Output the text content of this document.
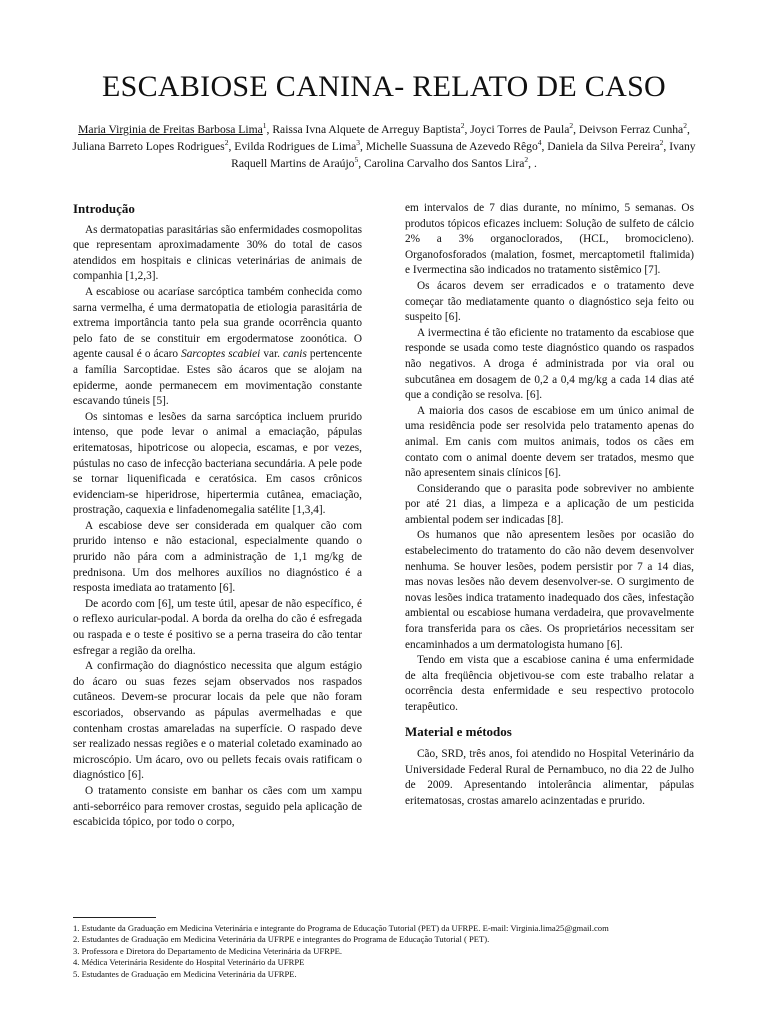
ESCABIOSE CANINA- RELATO DE CASO
Maria Virginia de Freitas Barbosa Lima$^1$, Raissa Ivna Alquete de Arreguy Baptista$^2$, Joyci Torres de Paula$^2$, Deivson Ferraz Cunha$^2$, Juliana Barreto Lopes Rodrigues$^2$, Evilda Rodrigues de Lima$^3$, Michelle Suassuna de Azevedo Rêgo$^4$, Daniela da Silva Pereira$^2$, Ivany Raquell Martins de Araújo$^5$, Carolina Carvalho dos Santos Lira$^2$, .
Introdução

As dermatopatias parasitárias são enfermidades cosmopolitas que representam aproximadamente 30% do total de casos atendidos em hospitais e clinicas veterinárias de animais de companhia [1,2,3].

A escabiose ou acaríase sarcóptica também conhecida como sarna vermelha, é uma dermatopatia de etiologia parasitária de extrema importância tanto pela sua grande ocorrência quanto pelo fato de se constituir em ergodermatose zoonótica. O agente causal é o ácaro Sarcoptes scabiei var. canis pertencente a família Sarcoptidae. Estes são ácaros que se alojam na epiderme, aonde permanecem em movimentação constante escavando túneis [5].

Os sintomas e lesões da sarna sarcóptica incluem prurido intenso, que pode levar o animal a emaciação, pápulas eritematosas, hipotricose ou alopecia, escamas, e por vezes, pústulas no caso de infecção bacteriana secundária. A pele pode se tornar liquenificada e ceratósica. Em casos crônicos evidenciam-se hiperidrose, hipertermia cutânea, emaciação, prostração, caquexia e linfadenomegalia satélite [1,3,4].

A escabiose deve ser considerada em qualquer cão com prurido intenso e não estacional, especialmente quando o prurido não pára com a administração de 1,1 mg/kg de prednisona. Um dos melhores auxílios no diagnóstico é a resposta imediata ao tratamento [6].

De acordo com [6], um teste útil, apesar de não específico, é o reflexo auricular-podal. A borda da orelha do cão é esfregada ou raspada e o teste é positivo se a perna traseira do cão tentar esfregar a região da orelha.

A confirmação do diagnóstico necessita que algum estágio do ácaro ou suas fezes sejam observados nos raspados cutâneos. Devem-se procurar locais da pele que não foram escoriados, observando as pápulas avermelhadas e que contenham crostas amareladas na superfície. O raspado deve ser realizado nessas regiões e o material coletado examinado ao microscópio. Um ácaro, ovo ou pellets fecais ovais ratificam o diagnóstico [6].

O tratamento consiste em banhar os cães com um xampu anti-seborréico para remover crostas, seguido pela aplicação de escabicida tópico, por todo o corpo,

em intervalos de 7 dias durante, no mínimo, 5 semanas. Os produtos tópicos eficazes incluem: Solução de sulfeto de cálcio 2% a 3% organoclorados, (HCL, bromocicleno). Organofosforados (malation, fosmet, mercaptometil ftalimida) e Ivermectina são indicados no tratamento sistêmico [7].

Os ácaros devem ser erradicados e o tratamento deve começar tão mediatamente quanto o diagnóstico seja feito ou suspeito [6].

A ivermectina é tão eficiente no tratamento da escabiose que responde se usada como teste diagnóstico quando os raspados não negativos. A droga é administrada por via oral ou subcutânea em dosagem de 0,2 a 0,4 mg/kg a cada 14 dias até que a condição se resolva. [6].

A maioria dos casos de escabiose em um único animal de uma residência pode ser resolvida pelo tratamento apenas do animal. Em canis com muitos animais, todos os cães em contato com o animal doente devem ser tratados, mesmo que não apresentem sinais clínicos [6].

Considerando que o parasita pode sobreviver no ambiente por até 21 dias, a limpeza e a aplicação de um pesticida ambiental podem ser indicadas [8].

Os humanos que não apresentem lesões por ocasião do estabelecimento do tratamento do cão não devem desenvolver nenhuma. Se houver lesões, podem persistir por 7 a 14 dias, mas novas lesões não devem desenvolver-se. O surgimento de novas lesões indica tratamento inadequado dos cães, infestação ambiental ou escabiose humana verdadeira, que provavelmente fora transferida para os cães. Os proprietários necessitam ser encaminhados a um dermatologista humano [6].

Tendo em vista que a escabiose canina é uma enfermidade de alta freqüência objetivou-se com este trabalho relatar a ocorrência desta enfermidade e seu respectivo protocolo terapêutico.

Material e métodos

Cão, SRD, três anos, foi atendido no Hospital Veterinário da Universidade Federal Rural de Pernambuco, no dia 22 de Julho de 2009. Apresentando intolerância alimentar, pápulas eritematosas, crostas amarelo acinzentadas e prurido.

1. Estudante da Graduação em Medicina Veterinária e integrante do Programa de Educação Tutorial (PET) da UFRPE. E-mail: Virginia.lima25@gmail.com
2. Estudantes de Graduação em Medicina Veterinária da UFRPE e integrantes do Programa de Educação Tutorial ( PET).
3. Professora e Diretora do Departamento de Medicina Veterinária da UFRPE.
4. Médica Veterinária Residente do Hospital Veterinário da UFRPE
5. Estudantes de Graduação em Medicina Veterinária da UFRPE.
